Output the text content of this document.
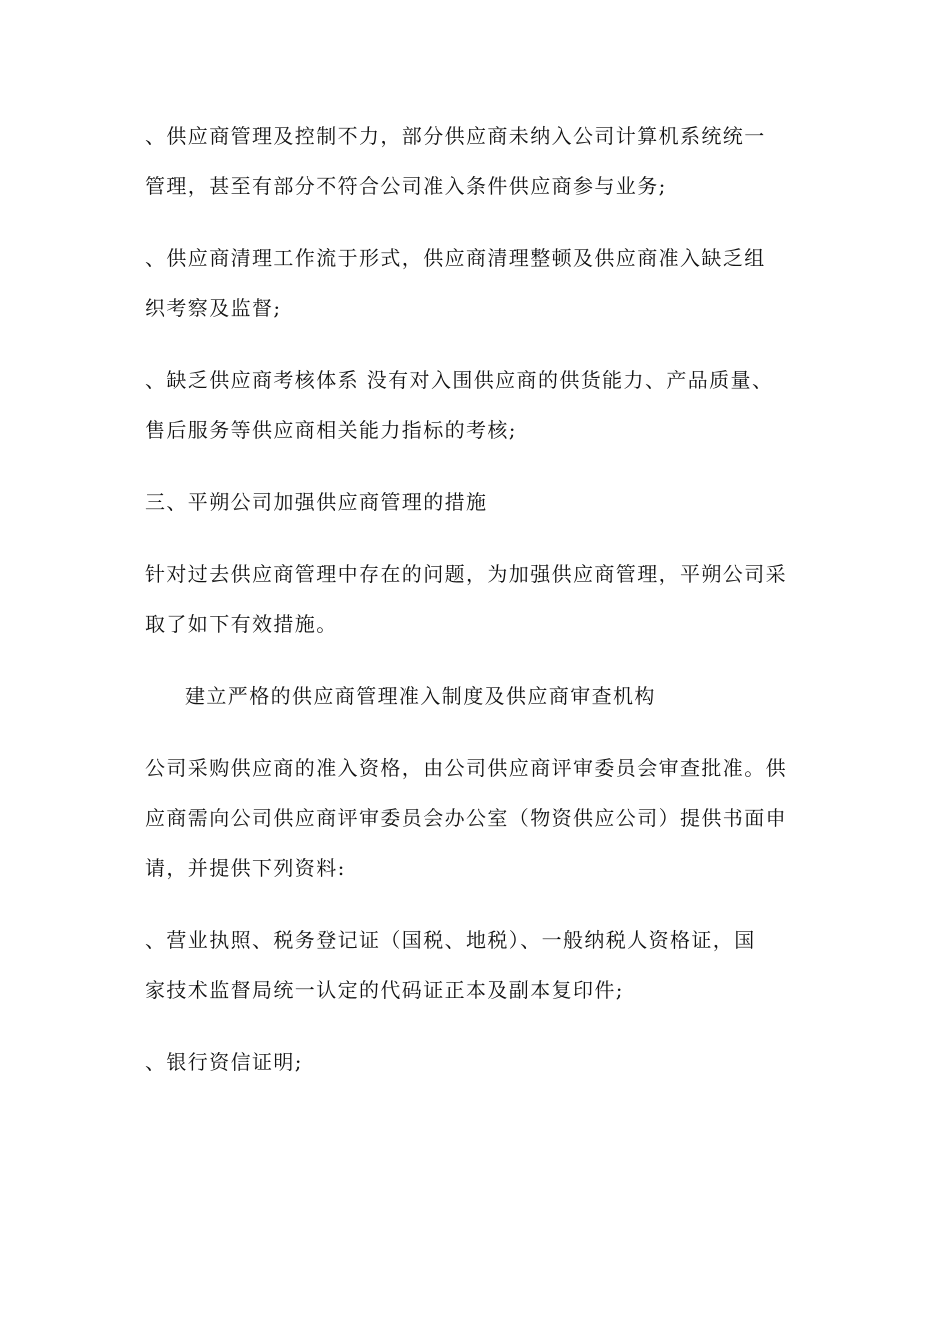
、供应商管理及控制不力，部分供应商未纳入公司计算机系统统一
管理，甚至有部分不符合公司准入条件供应商参与业务;
、供应商清理工作流于形式，供应商清理整顿及供应商准入缺乏组
织考察及监督;
、缺乏供应商考核体系 没有对入围供应商的供货能力、产品质量、
售后服务等供应商相关能力指标的考核;
三、平朔公司加强供应商管理的措施
针对过去供应商管理中存在的问题，为加强供应商管理，平朔公司采
取了如下有效措施。
建立严格的供应商管理准入制度及供应商审查机构
公司采购供应商的准入资格，由公司供应商评审委员会审查批准。供
应商需向公司供应商评审委员会办公室（物资供应公司）提供书面申
请，并提供下列资料:
、营业执照、税务登记证（国税、地税）、一般纳税人资格证，国
家技术监督局统一认定的代码证正本及副本复印件;
、银行资信证明;
